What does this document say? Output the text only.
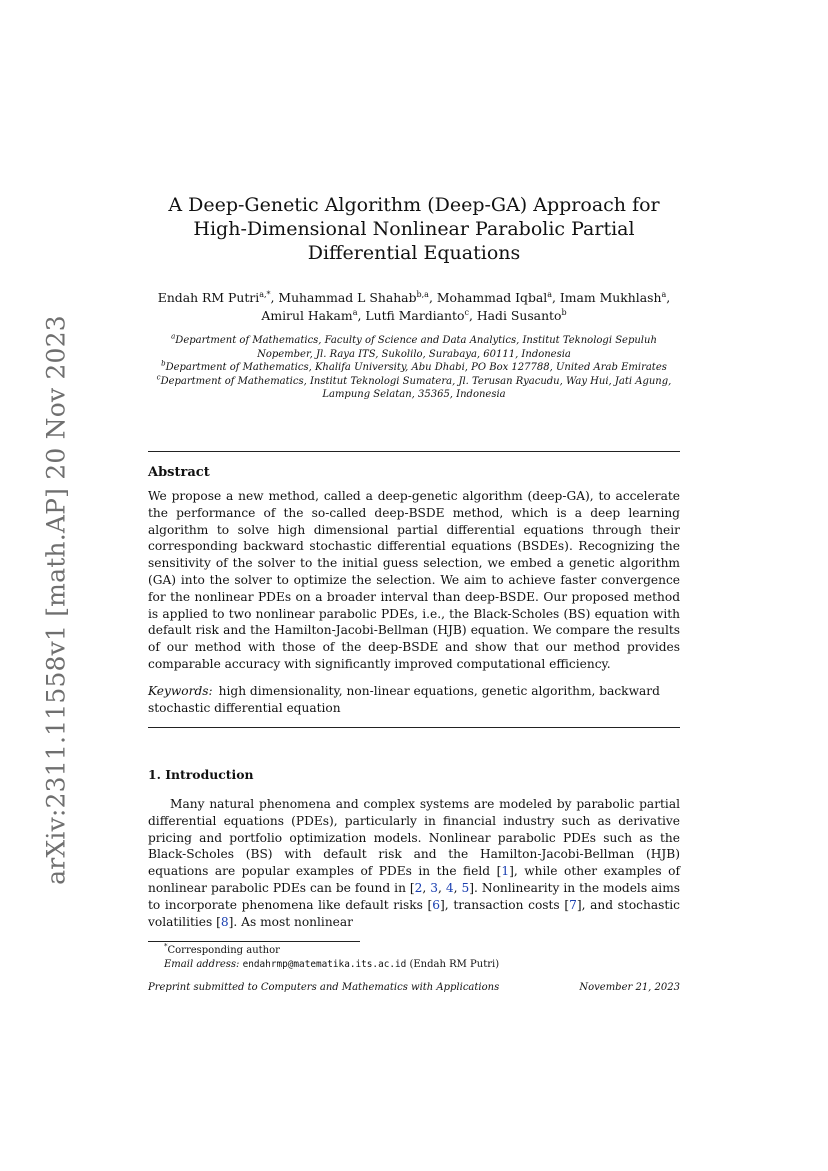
arXiv:2311.11558v1 [math.AP] 20 Nov 2023
A Deep-Genetic Algorithm (Deep-GA) Approach for High-Dimensional Nonlinear Parabolic Partial Differential Equations
Endah RM Putri$^{a,*}$, Muhammad L Shahab$^{b,a}$, Mohammad Iqbal$^a$, Imam Mukhlash$^a$,
Amirul Hakam$^a$, Lutfi Mardianto$^c$, Hadi Susanto$^b$
$^a$Department of Mathematics, Faculty of Science and Data Analytics, Institut Teknologi Sepuluh Nopember, Jl. Raya ITS, Sukolilo, Surabaya, 60111, Indonesia
$^b$Department of Mathematics, Khalifa University, Abu Dhabi, PO Box 127788, United Arab Emirates
$^c$Department of Mathematics, Institut Teknologi Sumatera, Jl. Terusan Ryacudu, Way Hui, Jati Agung, Lampung Selatan, 35365, Indonesia
Abstract
We propose a new method, called a deep-genetic algorithm (deep-GA), to accelerate the performance of the so-called deep-BSDE method, which is a deep learning algorithm to solve high dimensional partial differential equations through their corresponding backward stochastic differential equations (BSDEs). Recognizing the sensitivity of the solver to the initial guess selection, we embed a genetic algorithm (GA) into the solver to optimize the selection. We aim to achieve faster convergence for the nonlinear PDEs on a broader interval than deep-BSDE. Our proposed method is applied to two nonlinear parabolic PDEs, i.e., the Black-Scholes (BS) equation with default risk and the Hamilton-Jacobi-Bellman (HJB) equation. We compare the results of our method with those of the deep-BSDE and show that our method provides comparable accuracy with significantly improved computational efficiency.
Keywords: high dimensionality, non-linear equations, genetic algorithm, backward stochastic differential equation
1. Introduction
Many natural phenomena and complex systems are modeled by parabolic partial differential equations (PDEs), particularly in financial industry such as derivative pricing and portfolio optimization models. Nonlinear parabolic PDEs such as the Black-Scholes (BS) with default risk and the Hamilton-Jacobi-Bellman (HJB) equations are popular examples of PDEs in the field [1], while other examples of nonlinear parabolic PDEs can be found in [2, 3, 4, 5]. Nonlinearity in the models aims to incorporate phenomena like default risks [6], transaction costs [7], and stochastic volatilities [8]. As most nonlinear
*Corresponding author
Email address: endahrmp@matematika.its.ac.id (Endah RM Putri)
Preprint submitted to Computers and Mathematics with Applications	November 21, 2023
